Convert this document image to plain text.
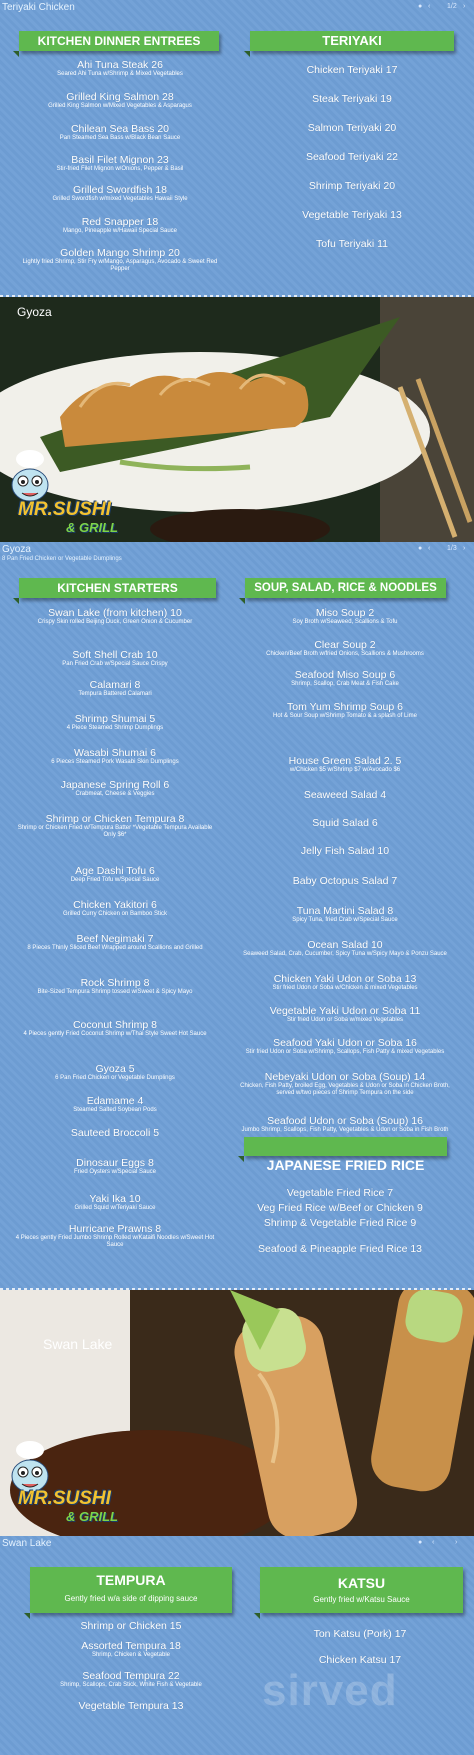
Teriyaki Chicken	● ‹ 1/2 ›
KITCHEN DINNER ENTREES	TERIYAKI
Ahi Tuna Steak 26
Seared Ahi Tuna w/Shrimp & Mixed Vegetables
Grilled King Salmon 28
Grilled King Salmon w/Mixed Vegetables & Asparagus
Chilean Sea Bass 20
Pan Steamed Sea Bass w/Black Bean Sauce
Basil Filet Mignon 23
Stir-fried Filet Mignon w/Onions, Pepper & Basil
Grilled Swordfish 18
Grilled Swordfish w/mixed Vegetables Hawaii Style
Red Snapper 18
Mango, Pineapple w/Hawaii Special Sauce
Golden Mango Shrimp 20
Lightly fried Shrimp, Stir Fry w/Mango, Asparagus, Avocado & Sweet Red Pepper
Chicken Teriyaki 17
Steak Teriyaki 19
Salmon Teriyaki 20
Seafood Teriyaki 22
Shrimp Teriyaki 20
Vegetable Teriyaki 13
Tofu Teriyaki 11
Gyoza
MR.SUSHI
& GRILL
Gyoza
8 Pan Fried Chicken or Vegetable Dumplings
● ‹ 1/3 ›
KITCHEN STARTERS	SOUP, SALAD, RICE & NOODLES
Swan Lake (from kitchen) 10
Crispy Skin rolled Beijing Duck, Green Onion & Cucumber
Soft Shell Crab 10
Pan Fried Crab w/Special Sauce Crispy
Calamari 8
Tempura Battered Calamari
Shrimp Shumai 5
4 Piece Steamed Shrimp Dumplings
Wasabi Shumai 6
6 Pieces Steamed Pork Wasabi Skin Dumplings
Japanese Spring Roll 6
Crabmeat, Cheese & Veggies
Shrimp or Chicken Tempura 8
Shrimp or Chicken Fried w/Tempura Batter *Vegetable Tempura Available Only $6*
Age Dashi Tofu 6
Deep Fried Tofu w/Special Sauce
Chicken Yakitori 6
Grilled Curry Chicken on Bamboo Stick
Beef Negimaki 7
8 Pieces Thinly Sliced Beef Wrapped around Scallions and Grilled
Rock Shrimp 8
Bite-Sized Tempura Shrimp tossed w/Sweet & Spicy Mayo
Coconut Shrimp 8
4 Pieces gently Fried Coconut Shrimp w/Thai Style Sweet Hot Sauce
Gyoza 5
6 Pan Fried Chicken or Vegetable Dumplings
Edamame 4
Steamed Salted Soybean Pods
Sauteed Broccoli 5
Dinosaur Eggs 8
Fried Oysters w/Special Sauce
Yaki Ika 10
Grilled Squid w/Teriyaki Sauce
Hurricane Prawns 8
4 Pieces gently Fried Jumbo Shrimp Rolled w/Kataifi Noodles w/Sweet Hot Sauce
Miso Soup 2
Soy Broth w/Seaweed, Scallions & Tofu
Clear Soup 2
Chicken/Beef Broth w/fried Onions, Scallions & Mushrooms
Seafood Miso Soup 6
Shrimp, Scallop, Crab Meat & Fish Cake
Tom Yum Shrimp Soup 6
Hot & Sour Soup w/Shrimp Tomato & a splash of Lime
House Green Salad 2. 5
w/Chicken $5 w/Shrimp $7 w/Avocado $6
Seaweed Salad 4
Squid Salad 6
Jelly Fish Salad 10
Baby Octopus Salad 7
Tuna Martini Salad 8
Spicy Tuna, fried Crab w/Special Sauce
Ocean Salad 10
Seaweed Salad, Crab, Cucumber, Spicy Tuna w/Spicy Mayo & Ponzu Sauce
Chicken Yaki Udon or Soba 13
Stir fried Udon or Soba w/Chicken & mixed Vegetables
Vegetable Yaki Udon or Soba 11
Stir fried Udon or Soba w/mixed Vegetables
Seafood Yaki Udon or Soba 16
Stir fried Udon or Soba w/Shrimp, Scallops, Fish Patty & mixed Vegetables
Nebeyaki Udon or Soba (Soup) 14
Chicken, Fish Patty, broiled Egg, Vegetables & Udon or Soba in Chicken Broth, served w/two pieces of Shrimp Tempura on the side
Seafood Udon or Soba (Soup) 16
Jumbo Shrimp, Scallops, Fish Patty, Vegetables & Udon or Soba in Fish Broth
JAPANESE FRIED RICE
Vegetable Fried Rice 7
Veg Fried Rice w/Beef or Chicken 9
Shrimp & Vegetable Fried Rice 9
Seafood & Pineapple Fried Rice 13
Swan Lake
MR.SUSHI
& GRILL
Swan Lake	● ‹	›
TEMPURA
Gently fried w/a side of dipping sauce
KATSU
Gently fried w/Katsu Sauce
Shrimp or Chicken 15
Assorted Tempura 18
Shrimp, Chicken & Vegetable
Seafood Tempura 22
Shrimp, Scallops, Crab Stick, White Fish & Vegetable
Vegetable Tempura 13
Ton Katsu (Pork) 17
Chicken Katsu 17
sirved
